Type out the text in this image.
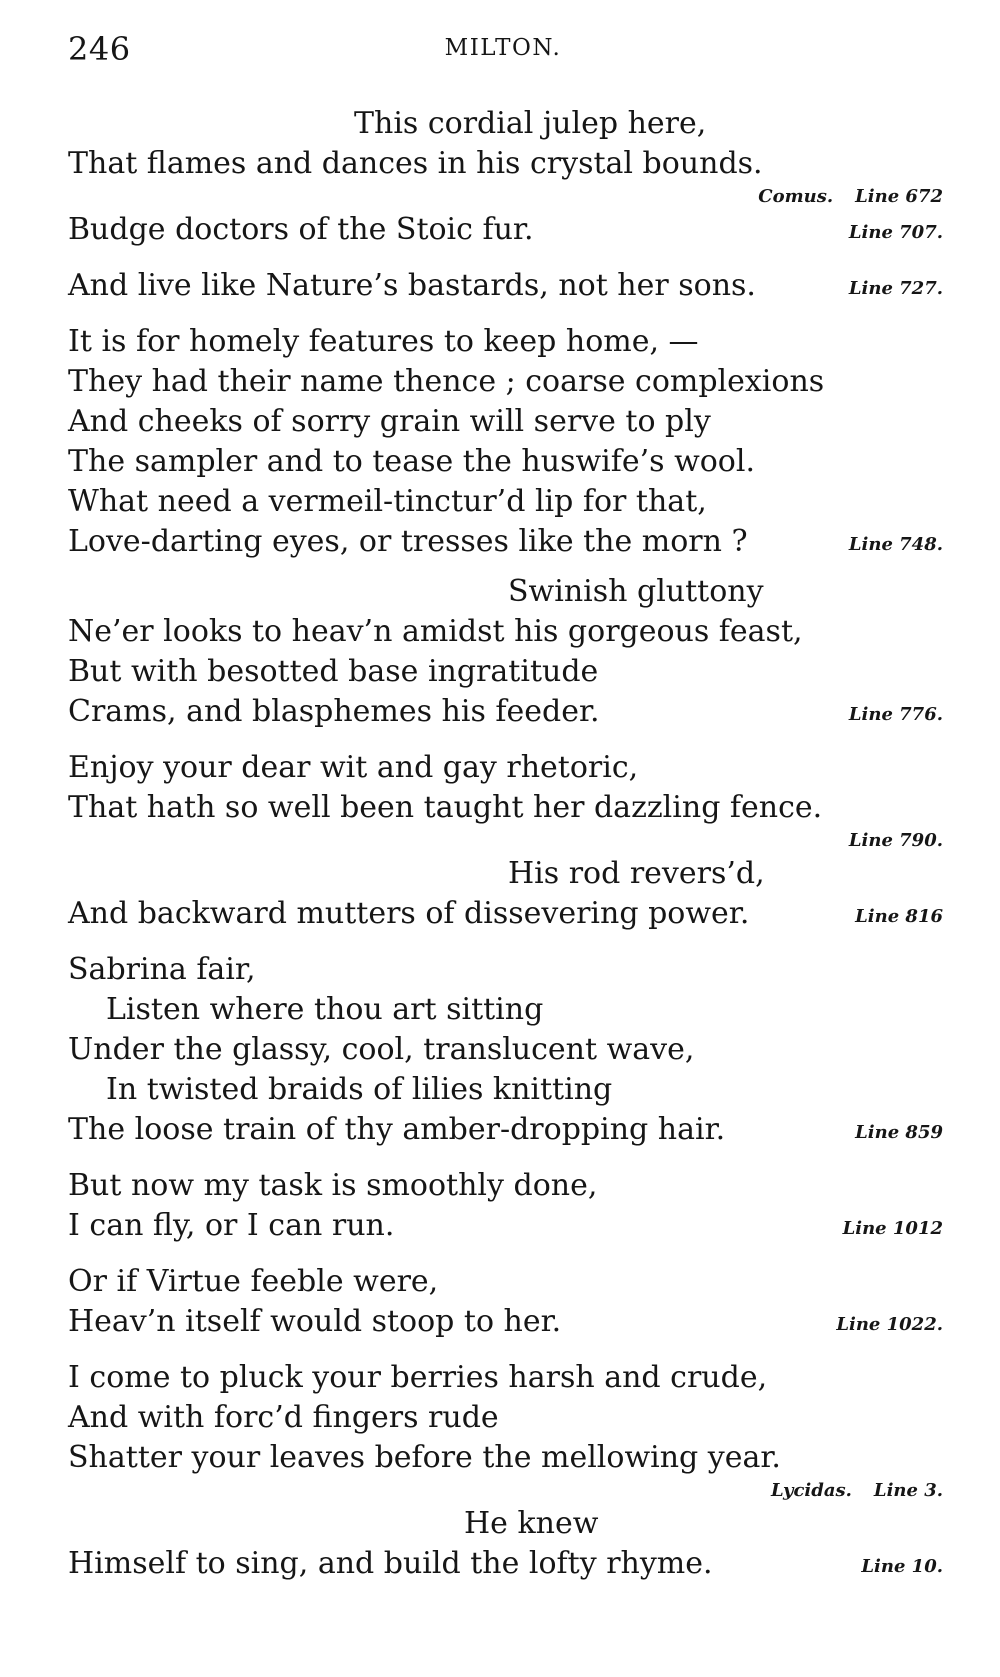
246	MILTON.
This cordial julep here,
That flames and dances in his crystal bounds.
Comus. Line 672
Budge doctors of the Stoic fur.	Line 707.
And live like Nature’s bastards, not her sons.	Line 727.
It is for homely features to keep home, —
They had their name thence ; coarse complexions
And cheeks of sorry grain will serve to ply
The sampler and to tease the huswife’s wool.
What need a vermeil-tinctur’d lip for that,
Love-darting eyes, or tresses like the morn ?	Line 748.
Swinish gluttony
Ne’er looks to heav’n amidst his gorgeous feast,
But with besotted base ingratitude
Crams, and blasphemes his feeder.	Line 776.
Enjoy your dear wit and gay rhetoric,
That hath so well been taught her dazzling fence.
Line 790.
His rod revers’d,
And backward mutters of dissevering power.	Line 816
Sabrina fair,
Listen where thou art sitting
Under the glassy, cool, translucent wave,
In twisted braids of lilies knitting
The loose train of thy amber-dropping hair.	Line 859
But now my task is smoothly done,
I can fly, or I can run.	Line 1012
Or if Virtue feeble were,
Heav’n itself would stoop to her.	Line 1022.
I come to pluck your berries harsh and crude,
And with forc’d fingers rude
Shatter your leaves before the mellowing year.
Lycidas. Line 3.
He knew
Himself to sing, and build the lofty rhyme.	Line 10.
